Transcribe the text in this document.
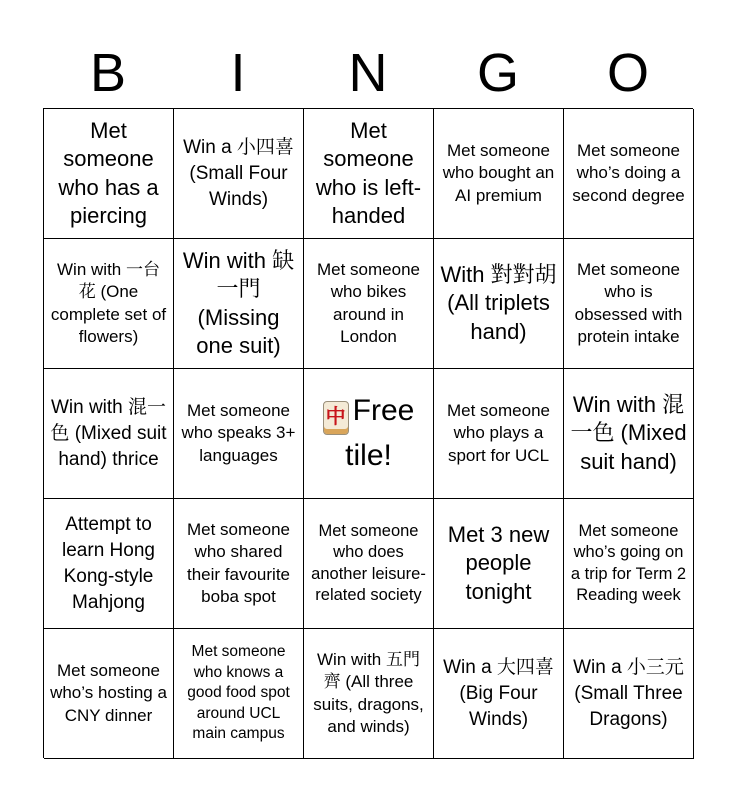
B	I	N	G	O
Met someone who has a piercing
Win a 小四喜 (Small Four Winds)
Met someone who is left-handed
Met someone who bought an AI premium
Met someone who’s doing a second degree
Win with 一台花 (One complete set of flowers)
Win with 缺一門 (Missing one suit)
Met someone who bikes around in London
With 對對胡 (All triplets hand)
Met someone who is obsessed with protein intake
Win with 混一色 (Mixed suit hand) thrice
Met someone who speaks 3+ languages
中 Free tile!
Met someone who plays a sport for UCL
Win with 混一色 (Mixed suit hand)
Attempt to learn Hong Kong-style Mahjong
Met someone who shared their favourite boba spot
Met someone who does another leisure-related society
Met 3 new people tonight
Met someone who’s going on a trip for Term 2 Reading week
Met someone who’s hosting a CNY dinner
Met someone who knows a good food spot around UCL main campus
Win with 五門齊 (All three suits, dragons, and winds)
Win a 大四喜 (Big Four Winds)
Win a 小三元 (Small Three Dragons)
